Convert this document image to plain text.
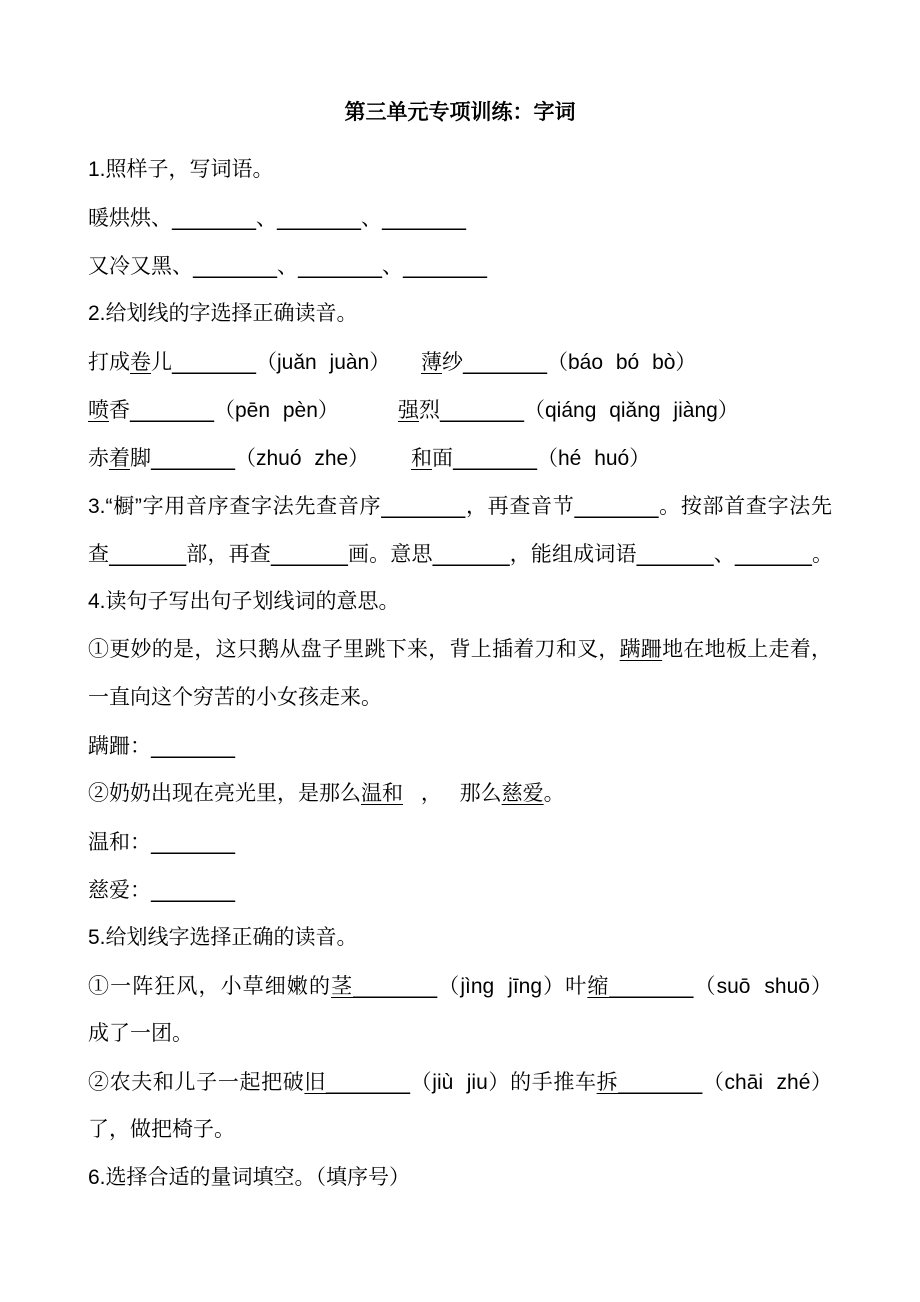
第三单元专项训练：字词
1.照样子，写词语。
暖烘烘、________、________、________
又冷又黑、________、________、________
2.给划线的字选择正确读音。
打成卷儿________（juǎn juàn） 薄纱________（báo bó bò）
喷香________（pēn pèn）	强烈________（qiáng qiǎng jiàng）
赤着脚________（zhuó zhe） 和面________（hé huó）
3.“橱”字用音序查字法先查音序________，再查音节________。按部首查字法先
查________部，再查________画。意思________，能组成词语________、________。
4.读句子写出句子划线词的意思。
①更妙的是，这只鹅从盘子里跳下来，背上插着刀和叉，蹒跚地在地板上走着，
一直向这个穷苦的小女孩走来。
蹒跚：________
②奶奶出现在亮光里，是那么温和 ， 那么慈爱。
温和：________
慈爱：________
5.给划线字选择正确的读音。
①一阵狂风，小草细嫩的茎________（jìng jīng）叶缩________（suō shuō）
成了一团。
②农夫和儿子一起把破旧________（jiù jiu）的手推车拆________（chāi zhé）
了，做把椅子。
6.选择合适的量词填空。（填序号）
